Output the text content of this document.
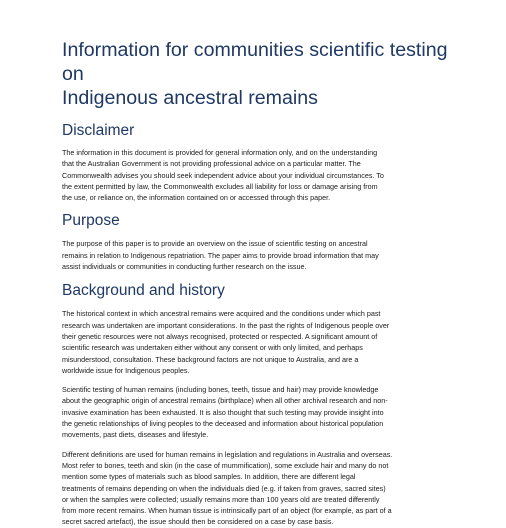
Information for communities scientific testing on
Indigenous ancestral remains
Disclaimer

The information in this document is provided for general information only, and on the understanding
that the Australian Government is not providing professional advice on a particular matter. The
Commonwealth advises you should seek independent advice about your individual circumstances. To
the extent permitted by law, the Commonwealth excludes all liability for loss or damage arising from
the use, or reliance on, the information contained on or accessed through this paper.

Purpose

The purpose of this paper is to provide an overview on the issue of scientific testing on ancestral
remains in relation to Indigenous repatriation. The paper aims to provide broad information that may
assist individuals or communities in conducting further research on the issue.

Background and history

The historical context in which ancestral remains were acquired and the conditions under which past
research was undertaken are important considerations. In the past the rights of Indigenous people over
their genetic resources were not always recognised, protected or respected. A significant amount of
scientific research was undertaken either without any consent or with only limited, and perhaps
misunderstood, consultation. These background factors are not unique to Australia, and are a
worldwide issue for Indigenous peoples.

Scientific testing of human remains (including bones, teeth, tissue and hair) may provide knowledge
about the geographic origin of ancestral remains (birthplace) when all other archival research and non-
invasive examination has been exhausted. It is also thought that such testing may provide insight into
the genetic relationships of living peoples to the deceased and information about historical population
movements, past diets, diseases and lifestyle.

Different definitions are used for human remains in legislation and regulations in Australia and overseas.
Most refer to bones, teeth and skin (in the case of mummification), some exclude hair and many do not
mention some types of materials such as blood samples. In addition, there are different legal
treatments of remains depending on when the individuals died (e.g. if taken from graves, sacred sites)
or when the samples were collected; usually remains more than 100 years old are treated differently
from more recent remains. When human tissue is intrinsically part of an object (for example, as part of a
secret sacred artefact), the issue should then be considered on a case by case basis.
